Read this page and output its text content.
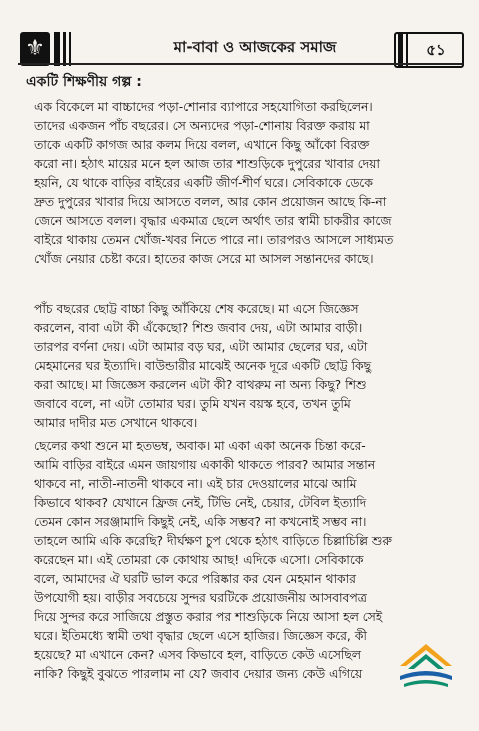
⚜	মা-বাবা ও আজকের সমাজ	৫১
একটি শিক্ষণীয় গল্প :
এক বিকেলে মা বাচ্চাদের পড়া-শোনার ব্যাপারে সহযোগিতা করছিলেন।
তাদের একজন পাঁচ বছরের। সে অন্যদের পড়া-শোনায় বিরক্ত করায় মা
তাকে একটি কাগজ আর কলম দিয়ে বলল, এখানে কিছু আঁকো বিরক্ত
করো না। হঠাৎ মায়ের মনে হল আজ তার শাশুড়িকে দুপুরের খাবার দেয়া
হয়নি, যে থাকে বাড়ির বাইরের একটি জীর্ণ-শীর্ণ ঘরে। সেবিকাকে ডেকে
দ্রুত দুপুরের খাবার দিয়ে আসতে বলল, আর কোন প্রয়োজন আছে কি-না
জেনে আসতে বলল। বৃদ্ধার একমাত্র ছেলে অর্থাৎ তার স্বামী চাকরীর কাজে
বাইরে থাকায় তেমন খোঁজ-খবর নিতে পারে না। তারপরও আসলে সাধ্যমত
খোঁজ নেয়ার চেষ্টা করে। হাতের কাজ সেরে মা আসল সন্তানদের কাছে।
পাঁচ বছরের ছোট্ট বাচ্চা কিছু আঁকিয়ে শেষ করেছে। মা এসে জিজ্ঞেস
করলেন, বাবা এটা কী এঁকেছো? শিশু জবাব দেয়, এটা আমার বাড়ী।
তারপর বর্ণনা দেয়। এটা আমার বড় ঘর, এটা আমার ছেলের ঘর, এটা
মেহমানের ঘর ইত্যাদি। বাউন্ডারীর মাঝেই অনেক দূরে একটি ছোট্ট কিছু
করা আছে। মা জিজ্ঞেস করলেন এটা কী? বাথরুম না অন্য কিছু? শিশু
জবাবে বলে, না এটা তোমার ঘর। তুমি যখন বয়স্ক হবে, তখন তুমি
আমার দাদীর মত সেখানে থাকবে।
ছেলের কথা শুনে মা হতভম্ব, অবাক। মা একা একা অনেক চিন্তা করে-
আমি বাড়ির বাইরে এমন জায়গায় একাকী থাকতে পারব? আমার সন্তান
থাকবে না, নাতী-নাতনী থাকবে না। এই চার দেওয়ালের মাঝে আমি
কিভাবে থাকব? যেখানে ফ্রিজ নেই, টিভি নেই, চেয়ার, টেবিল ইত্যাদি
তেমন কোন সরঞ্জামাদি কিছুই নেই, একি সম্ভব? না কখনোই সম্ভব না।
তাহলে আমি একি করেছি? দীর্ঘক্ষণ চুপ থেকে হঠাৎ বাড়িতে চিল্লাচিল্লি শুরু
করেছেন মা। এই তোমরা কে কোথায় আছ! এদিকে এসো। সেবিকাকে
বলে, আমাদের ঐ ঘরটি ভাল করে পরিষ্কার কর যেন মেহমান থাকার
উপযোগী হয়। বাড়ীর সবচেয়ে সুন্দর ঘরটিকে প্রয়োজনীয় আসবাবপত্র
দিয়ে সুন্দর করে সাজিয়ে প্রস্তুত করার পর শাশুড়িকে নিয়ে আসা হল সেই
ঘরে। ইতিমধ্যে স্বামী তথা বৃদ্ধার ছেলে এসে হাজির। জিজ্ঞেস করে, কী
হয়েছে? মা এখানে কেন? এসব কিভাবে হল, বাড়িতে কেউ এসেছিল
নাকি? কিছুই বুঝতে পারলাম না যে? জবাব দেয়ার জন্য কেউ এগিয়ে
